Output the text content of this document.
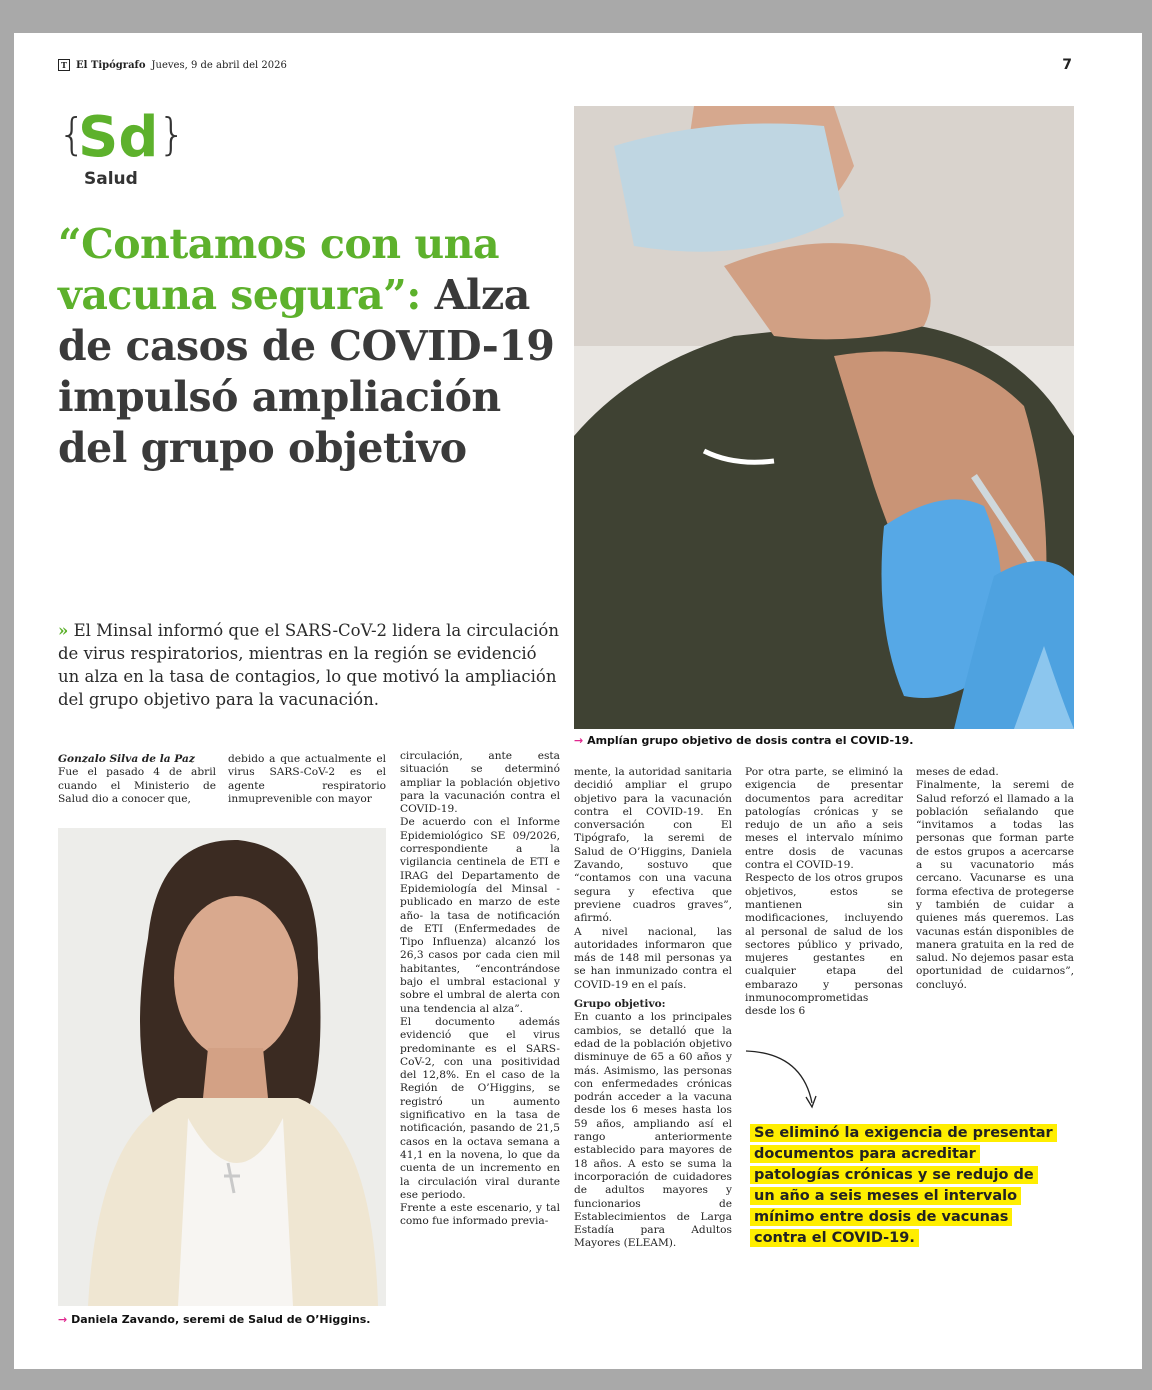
T El Tipógrafo Jueves, 9 de abril del 2026	7
{
Sd }
Salud
“Contamos con una vacuna segura”: Alza de casos de COVID-19 impulsó ampliación del grupo objetivo
→ Amplían grupo objetivo de dosis contra el COVID-19.
» El Minsal informó que el SARS-CoV-2 lidera la circulación de virus respiratorios, mientras en la región se evidenció un alza en la tasa de contagios, lo que motivó la ampliación del grupo objetivo para la vacunación.

Gonzalo Silva de la Paz

Fue el pasado 4 de abril cuando el Ministerio de Salud dio a conocer que,

debido a que actualmente el virus SARS-CoV-2 es el agente respiratorio inmuprevenible con mayor

→ Daniela Zavando, seremi de Salud de O’Higgins.

circulación, ante esta situación se determinó ampliar la población objetivo para la vacunación contra el COVID-19.

De acuerdo con el Informe Epidemiológico SE 09/2026, correspondiente a la vigilancia centinela de ETI e IRAG del Departamento de Epidemiología del Minsal -publicado en marzo de este año- la tasa de notificación de ETI (Enfermedades de Tipo Influenza) alcanzó los 26,3 casos por cada cien mil habitantes, “encontrándose bajo el umbral estacional y sobre el umbral de alerta con una tendencia al alza”.

El documento además evidenció que el virus predominante es el SARS-CoV-2, con una positividad del 12,8%. En el caso de la Región de O’Higgins, se registró un aumento significativo en la tasa de notificación, pasando de 21,5 casos en la octava semana a 41,1 en la novena, lo que da cuenta de un incremento en la circulación viral durante ese periodo.

Frente a este escenario, y tal como fue informado previa-

mente, la autoridad sanitaria decidió ampliar el grupo objetivo para la vacunación contra el COVID-19. En conversación con El Tipógrafo, la seremi de Salud de O’Higgins, Daniela Zavando, sostuvo que “contamos con una vacuna segura y efectiva que previene cuadros graves”, afirmó.

A nivel nacional, las autoridades informaron que más de 148 mil personas ya se han inmunizado contra el COVID-19 en el país.

Grupo objetivo:

En cuanto a los principales cambios, se detalló que la edad de la población objetivo disminuye de 65 a 60 años y más. Asimismo, las personas con enfermedades crónicas podrán acceder a la vacuna desde los 6 meses hasta los 59 años, ampliando así el rango anteriormente establecido para mayores de 18 años. A esto se suma la incorporación de cuidadores de adultos mayores y funcionarios de Establecimientos de Larga Estadía para Adultos Mayores (ELEAM).

Por otra parte, se eliminó la exigencia de presentar documentos para acreditar patologías crónicas y se redujo de un año a seis meses el intervalo mínimo entre dosis de vacunas contra el COVID-19.

Respecto de los otros grupos objetivos, estos se mantienen sin modificaciones, incluyendo al personal de salud de los sectores público y privado, mujeres gestantes en cualquier etapa del embarazo y personas inmunocomprometidas desde los 6

meses de edad.

Finalmente, la seremi de Salud reforzó el llamado a la población señalando que “invitamos a todas las personas que forman parte de estos grupos a acercarse a su vacunatorio más cercano. Vacunarse es una forma efectiva de protegerse y también de cuidar a quienes más queremos. Las vacunas están disponibles de manera gratuita en la red de salud. No dejemos pasar esta oportunidad de cuidarnos”, concluyó.

Se eliminó la exigencia de presentar documentos para acreditar patologías crónicas y se redujo de un año a seis meses el intervalo mínimo entre dosis de vacunas contra el COVID-19.
